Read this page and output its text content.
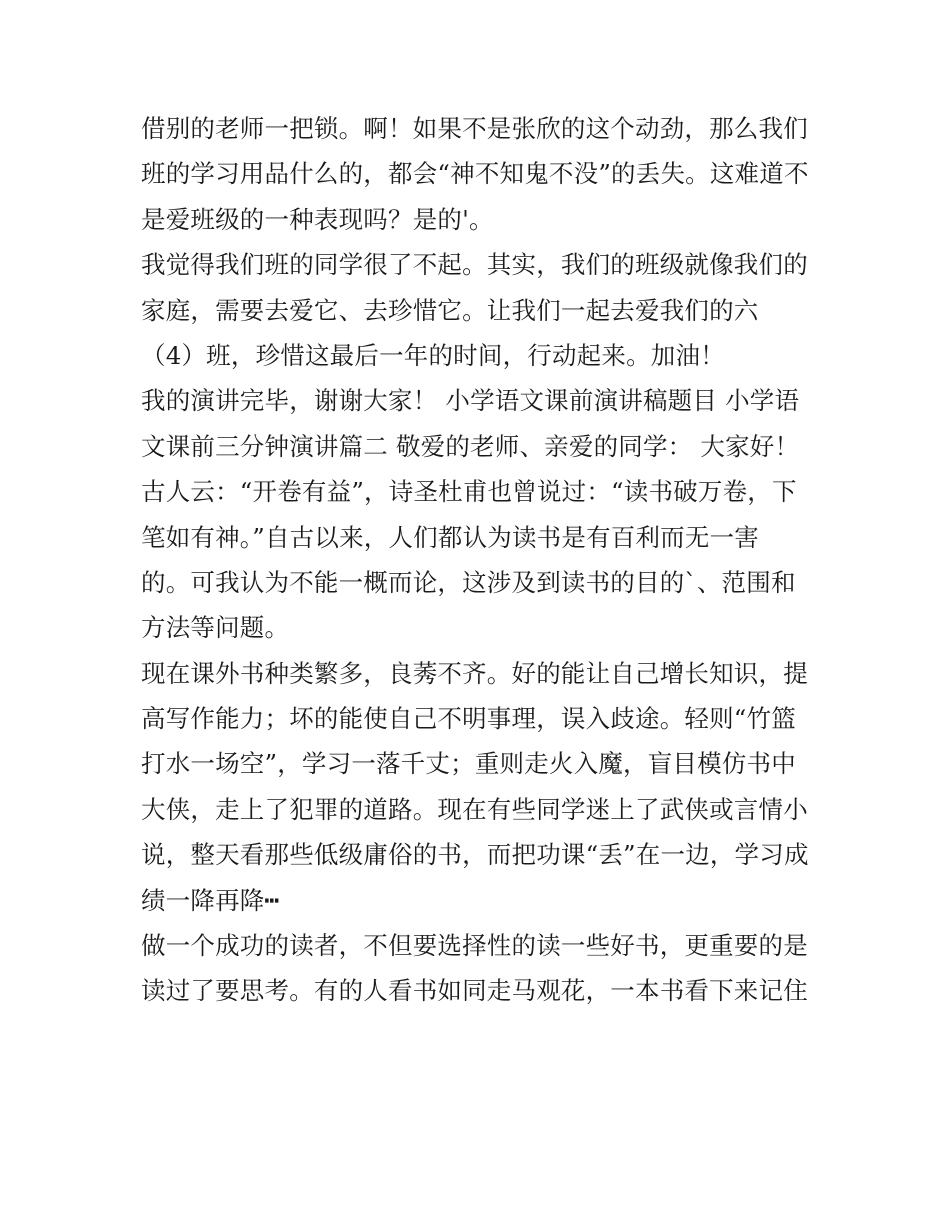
借别的老师一把锁。啊！如果不是张欣的这个动劲，那么我们
班的学习用品什么的，都会“神不知鬼不没”的丢失。这难道不
是爱班级的一种表现吗？是的'。
我觉得我们班的同学很了不起。其实，我们的班级就像我们的
家庭，需要去爱它、去珍惜它。让我们一起去爱我们的六
（4）班，珍惜这最后一年的时间，行动起来。加油！
我的演讲完毕，谢谢大家！ 小学语文课前演讲稿题目 小学语
文课前三分钟演讲篇二 敬爱的老师、亲爱的同学： 大家好！
古人云：“开卷有益”，诗圣杜甫也曾说过：“读书破万卷，下
笔如有神。”自古以来，人们都认为读书是有百利而无一害
的。可我认为不能一概而论，这涉及到读书的目的`、范围和
方法等问题。
现在课外书种类繁多，良莠不齐。好的能让自己增长知识，提
高写作能力；坏的能使自己不明事理，误入歧途。轻则“竹篮
打水一场空”，学习一落千丈；重则走火入魔，盲目模仿书中
大侠，走上了犯罪的道路。现在有些同学迷上了武侠或言情小
说，整天看那些低级庸俗的书，而把功课“丢”在一边，学习成
绩一降再降┅
做一个成功的读者，不但要选择性的读一些好书，更重要的是
读过了要思考。有的人看书如同走马观花，一本书看下来记住
